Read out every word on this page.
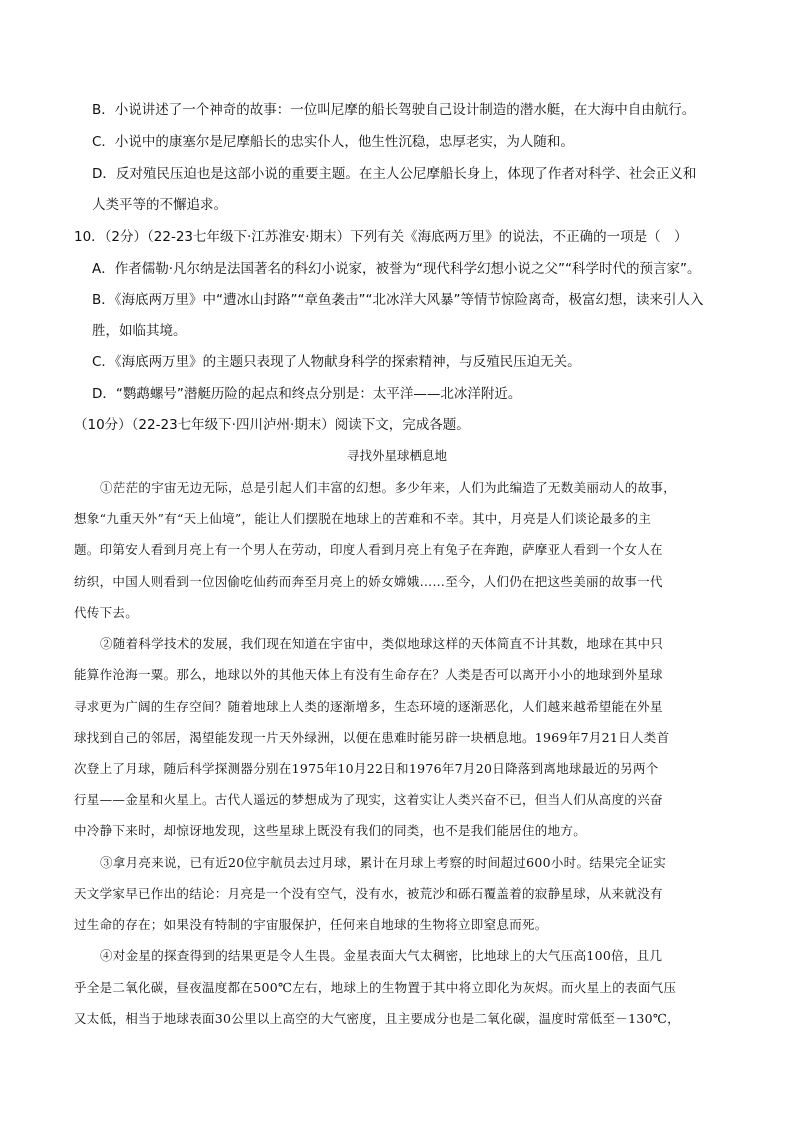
B．小说讲述了一个神奇的故事：一位叫尼摩的船长驾驶自己设计制造的潜水艇，在大海中自由航行。
C．小说中的康塞尔是尼摩船长的忠实仆人，他生性沉稳，忠厚老实，为人随和。
D．反对殖民压迫也是这部小说的重要主题。在主人公尼摩船长身上，体现了作者对科学、社会正义和
人类平等的不懈追求。
10．（2分）（22-23七年级下·江苏淮安·期末）下列有关《海底两万里》的说法，不正确的一项是（　）
A．作者儒勒·凡尔纳是法国著名的科幻小说家，被誉为“现代科学幻想小说之父”“科学时代的预言家”。
B．《海底两万里》中“遭冰山封路”“章鱼袭击”“北冰洋大风暴”等情节惊险离奇，极富幻想，读来引人入
胜，如临其境。
C．《海底两万里》的主题只表现了人物献身科学的探索精神，与反殖民压迫无关。
D．“鹦鹉螺号”潜艇历险的起点和终点分别是：太平洋——北冰洋附近。
（10分）（22-23七年级下·四川泸州·期末）阅读下文，完成各题。
寻找外星球栖息地
①茫茫的宇宙无边无际，总是引起人们丰富的幻想。多少年来，人们为此编造了无数美丽动人的故事，
想象“九重天外”有“天上仙境”，能让人们摆脱在地球上的苦难和不幸。其中，月亮是人们谈论最多的主
题。印第安人看到月亮上有一个男人在劳动，印度人看到月亮上有兔子在奔跑，萨摩亚人看到一个女人在
纺织，中国人则看到一位因偷吃仙药而奔至月亮上的娇女嫦娥……至今，人们仍在把这些美丽的故事一代
代传下去。
②随着科学技术的发展，我们现在知道在宇宙中，类似地球这样的天体简直不计其数，地球在其中只
能算作沧海一粟。那么，地球以外的其他天体上有没有生命存在？人类是否可以离开小小的地球到外星球
寻求更为广阔的生存空间？随着地球上人类的逐渐增多，生态环境的逐渐恶化，人们越来越希望能在外星
球找到自己的邻居，渴望能发现一片天外绿洲，以便在患难时能另辟一块栖息地。1969年7月21日人类首
次登上了月球，随后科学探测器分别在1975年10月22日和1976年7月20日降落到离地球最近的另两个
行星——金星和火星上。古代人遥远的梦想成为了现实，这着实让人类兴奋不已，但当人们从高度的兴奋
中冷静下来时，却惊讶地发现，这些星球上既没有我们的同类，也不是我们能居住的地方。
③拿月亮来说，已有近20位宇航员去过月球，累计在月球上考察的时间超过600小时。结果完全证实
天文学家早已作出的结论：月亮是一个没有空气，没有水，被荒沙和砾石覆盖着的寂静星球，从来就没有
过生命的存在；如果没有特制的宇宙服保护，任何来自地球的生物将立即窒息而死。
④对金星的探查得到的结果更是令人生畏。金星表面大气太稠密，比地球上的大气压高100倍，且几
乎全是二氧化碳，昼夜温度都在500℃左右，地球上的生物置于其中将立即化为灰烬。而火星上的表面气压
又太低，相当于地球表面30公里以上高空的大气密度，且主要成分也是二氧化碳，温度时常低至－130℃，
